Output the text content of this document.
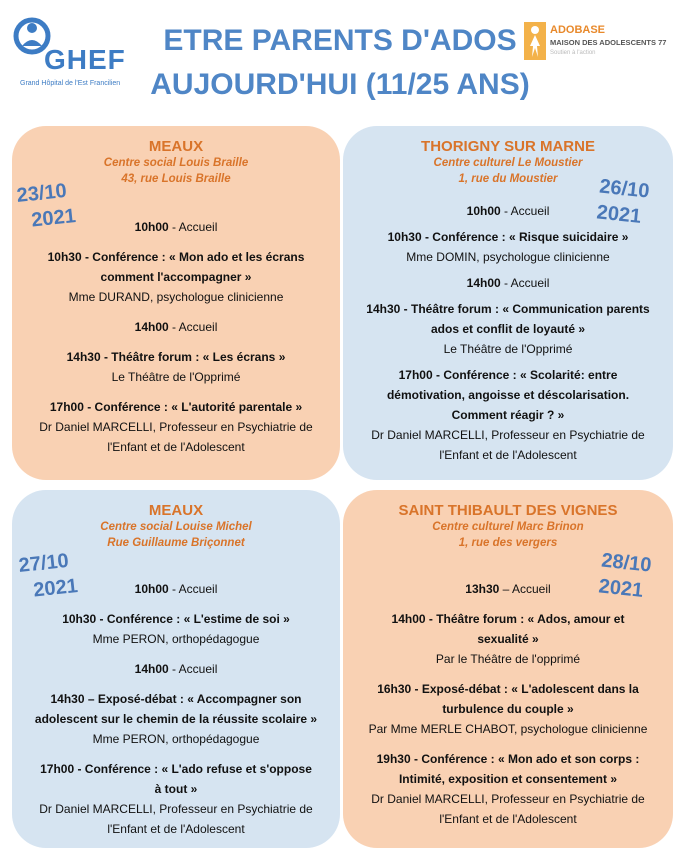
GHEF
Grand Hôpital de l'Est Francilien
ETRE PARENTS D'ADOS
AUJOURD'HUI (11/25 ANS)
ADOBASE
MAISON DES ADOLESCENTS 77
Soutien à l'action
MEAUX
Centre social Louis Braille
43, rue Louis Braille
10h00 - Accueil
10h30 - Conférence : « Mon ado et les écrans comment l'accompagner »
Mme DURAND, psychologue clinicienne
14h00 - Accueil
14h30 - Théâtre forum : « Les écrans »
Le Théâtre de l'Opprimé
17h00 - Conférence : « L'autorité parentale »
Dr Daniel MARCELLI, Professeur en Psychiatrie de l'Enfant et de l'Adolescent
23/10
2021
THORIGNY SUR MARNE
Centre culturel Le Moustier
1, rue du Moustier
10h00 - Accueil
10h30 - Conférence : « Risque suicidaire »
Mme DOMIN, psychologue clinicienne
14h00 - Accueil
14h30 - Théâtre forum : « Communication parents ados et conflit de loyauté »
Le Théâtre de l'Opprimé
17h00 - Conférence : « Scolarité: entre démotivation, angoisse et déscolarisation. Comment réagir ? »
Dr Daniel MARCELLI, Professeur en Psychiatrie de l'Enfant et de l'Adolescent
26/10
2021
MEAUX
Centre social Louise Michel
Rue Guillaume Briçonnet
10h00 - Accueil
10h30 - Conférence : « L'estime de soi »
Mme PERON, orthopédagogue
14h00 - Accueil
14h30 – Exposé-débat : « Accompagner son adolescent sur le chemin de la réussite scolaire »
Mme PERON, orthopédagogue
17h00 - Conférence : « L'ado refuse et s'oppose à tout »
Dr Daniel MARCELLI, Professeur en Psychiatrie de l'Enfant et de l'Adolescent
27/10
2021
SAINT THIBAULT DES VIGNES
Centre culturel Marc Brinon
1, rue des vergers
13h30 – Accueil
14h00 - Théâtre forum : « Ados, amour et sexualité »
Par le Théâtre de l'opprimé
16h30 - Exposé-débat : « L'adolescent dans la turbulence du couple »
Par Mme MERLE CHABOT, psychologue clinicienne
19h30 - Conférence : « Mon ado et son corps : Intimité, exposition et consentement »
Dr Daniel MARCELLI, Professeur en Psychiatrie de l'Enfant et de l'Adolescent
28/10
2021
